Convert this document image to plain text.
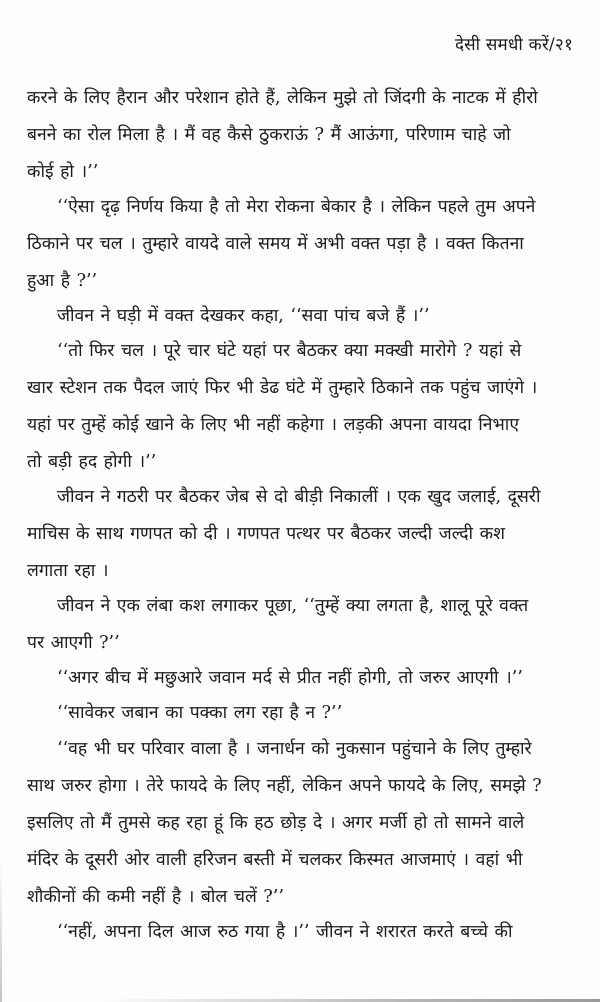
देसी समधी करें/२१
करने के लिए हैरान और परेशान होते हैं, लेकिन मुझे तो जिंदगी के नाटक में हीरो
बनने का रोल मिला है । मैं वह कैसे ठुकराऊं ? मैं आऊंगा, परिणाम चाहे जो
कोई हो ।’’
‘‘ऐसा दृढ़ निर्णय किया है तो मेरा रोकना बेकार है । लेकिन पहले तुम अपने
ठिकाने पर चल । तुम्हारे वायदे वाले समय में अभी वक्त पड़ा है । वक्त कितना
हुआ है ?’’
जीवन ने घड़ी में वक्त देखकर कहा, ‘‘सवा पांच बजे हैं ।’’
‘‘तो फिर चल । पूरे चार घंटे यहां पर बैठकर क्या मक्खी मारोगे ? यहां से
खार स्टेशन तक पैदल जाएं फिर भी डेढ घंटे में तुम्हारे ठिकाने तक पहुंच जाएंगे ।
यहां पर तुम्हें कोई खाने के लिए भी नहीं कहेगा । लड़की अपना वायदा निभाए
तो बड़ी हद होगी ।’’
जीवन ने गठरी पर बैठकर जेब से दो बीड़ी निकालीं । एक खुद जलाई, दूसरी
माचिस के साथ गणपत को दी । गणपत पत्थर पर बैठकर जल्दी जल्दी कश
लगाता रहा ।
जीवन ने एक लंबा कश लगाकर पूछा, ‘‘तुम्हें क्या लगता है, शालू पूरे वक्त
पर आएगी ?’’
‘‘अगर बीच में मछुआरे जवान मर्द से प्रीत नहीं होगी, तो जरुर आएगी ।’’
‘‘सावेकर जबान का पक्का लग रहा है न ?’’
‘‘वह भी घर परिवार वाला है । जनार्धन को नुकसान पहुंचाने के लिए तुम्हारे
साथ जरुर होगा । तेरे फायदे के लिए नहीं, लेकिन अपने फायदे के लिए, समझे ?
इसलिए तो मैं तुमसे कह रहा हूं कि हठ छोड़ दे । अगर मर्जी हो तो सामने वाले
मंदिर के दूसरी ओर वाली हरिजन बस्ती में चलकर किस्मत आजमाएं । वहां भी
शौकीनों की कमी नहीं है । बोल चलें ?’’
‘‘नहीं, अपना दिल आज रुठ गया है ।’’ जीवन ने शरारत करते बच्चे की
